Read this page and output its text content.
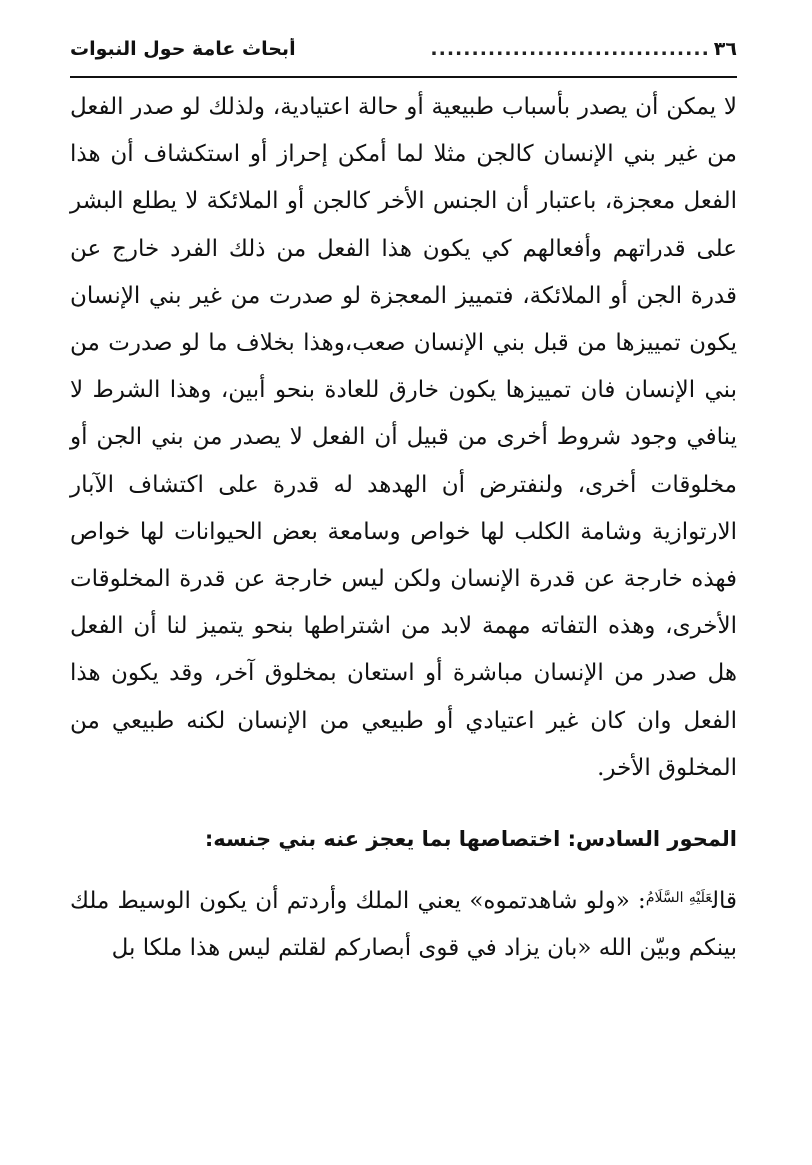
٣٦
..................................
أبحاث عامة حول النبوات

لا يمكن أن يصدر بأسباب طبيعية أو حالة اعتيادية، ولذلك لو صدر الفعل من غير بني الإنسان كالجن مثلا لما أمكن إحراز أو استكشاف أن هذا الفعل معجزة، باعتبار أن الجنس الأخر كالجن أو الملائكة لا يطلع البشر على قدراتهم وأفعالهم كي يكون هذا الفعل من ذلك الفرد خارج عن قدرة الجن أو الملائكة، فتمييز المعجزة لو صدرت من غير بني الإنسان يكون تمييزها من قبل بني الإنسان صعب،وهذا بخلاف ما لو صدرت من بني الإنسان فان تمييزها يكون خارق للعادة بنحو أبين، وهذا الشرط لا ينافي وجود شروط أخرى من قبيل أن الفعل لا يصدر من بني الجن أو مخلوقات أخرى، ولنفترض أن الهدهد له قدرة على اكتشاف الآبار الارتوازية وشامة الكلب لها خواص وسامعة بعض الحيوانات لها خواص فهذه خارجة عن قدرة الإنسان ولكن ليس خارجة عن قدرة المخلوقات الأخرى، وهذه التفاته مهمة لابد من اشتراطها بنحو يتميز لنا أن الفعل هل صدر من الإنسان مباشرة أو استعان بمخلوق آخر، وقد يكون هذا الفعل وان كان غير اعتيادي أو طبيعي من الإنسان لكنه طبيعي من المخلوق الأخر.

المحور السادس: اختصاصها بما يعجز عنه بني جنسه:

قال$^{عَلَيْهِ السَّلَامُ}$: «ولو شاهدتموه» يعني الملك وأردتم أن يكون الوسيط ملك بينكم وبيّن الله «بان يزاد في قوى أبصاركم لقلتم ليس هذا ملكا بل
